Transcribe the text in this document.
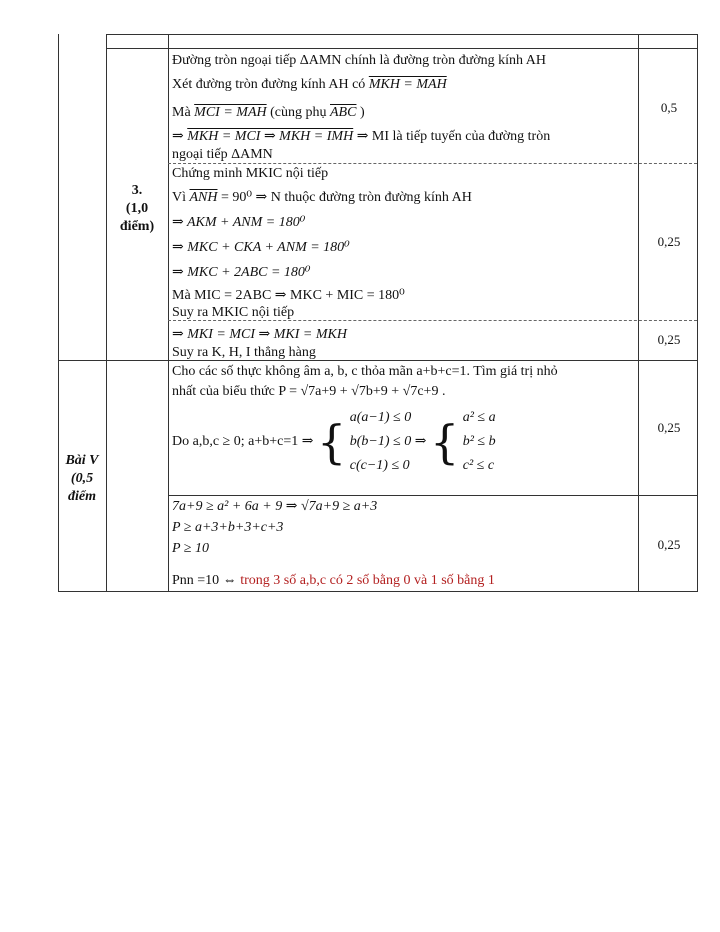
3.
(1,0
điểm)
Đường tròn ngoại tiếp ΔAMN chính là đường tròn đường kính AH
Xét đường tròn đường kính AH có MKH = MAH
Mà MCI = MAH (cùng phụ $\overline{ABC}$ )
⇒ MKH = MCI ⇒ MKH = IMH ⇒ MI là tiếp tuyến của đường tròn
ngoại tiếp ΔAMN
0,5
Chứng minh MKIC nội tiếp
Vì $\overline{ANH} = 90^0$ ⇒ N thuộc đường tròn đường kính AH
⇒ AKM + ANM = 180⁰
⇒ MKC + CKA + ANM = 180⁰
⇒ MKC + 2ABC = 180⁰
Mà MIC = 2ABC ⇒ MKC + MIC = 180⁰
Suy ra MKIC nội tiếp
0,25
⇒ MKI = MCI ⇒ MKI = MKH
Suy ra K, H, I thẳng hàng
0,25
Bài V
(0,5
điểm
Cho các số thực không âm a, b, c thỏa mãn a+b+c=1. Tìm giá trị nhỏ
nhất của biểu thức P = √7a+9 + √7b+9 + √7c+9 .
Do a,b,c ≥ 0; a+b+c=1 ⇒ { a(a−1) ≤ 0
b(b−1) ≤ 0
c(c−1) ≤ 0
⇒ { a² ≤ a
b² ≤ b
c² ≤ c
0,25
7a+9 ≥ a² + 6a + 9 ⇒ √7a+9 ≥ a+3
P ≥ a+3+b+3+c+3
P ≥ 10
Pnn =10 ⇔ trong 3 số a,b,c có 2 số bằng 0 và 1 số bằng 1
0,25
